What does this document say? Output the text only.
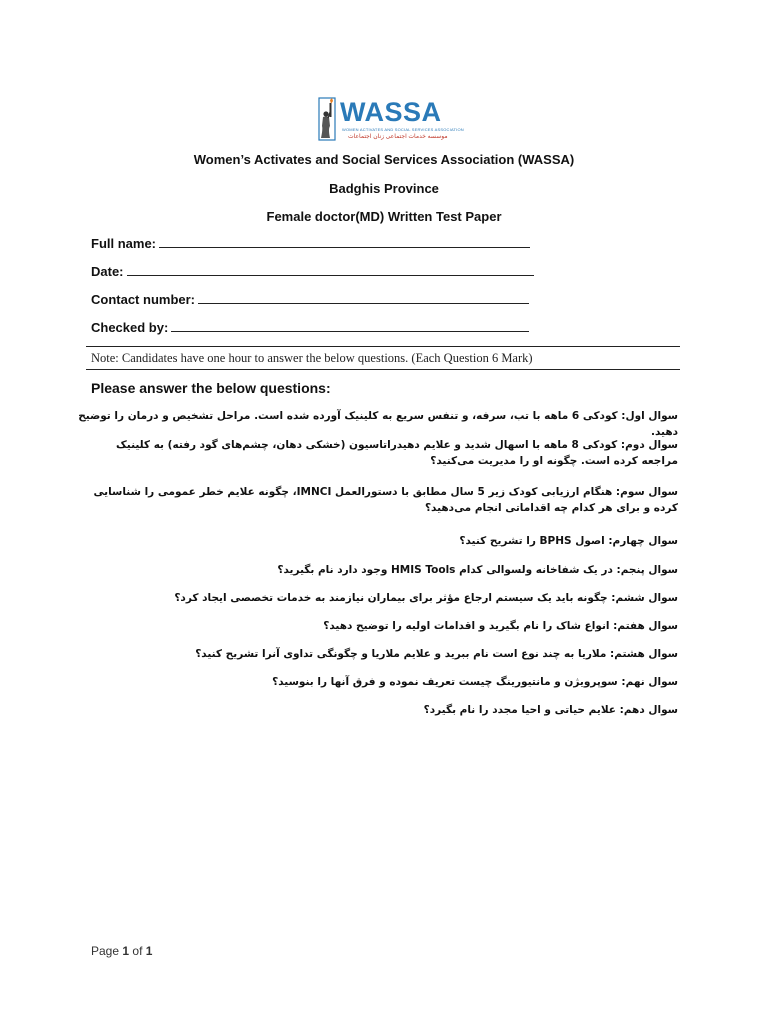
WASSA
WOMEN ACTIVATES AND SOCIAL SERVICES ASSOCIATION
موسسه خدمات اجتماعی زنان اجتماعات
Women’s Activates and Social Services Association (WASSA)
Badghis Province
Female doctor(MD) Written Test Paper
Full name:
Date:
Contact number:
Checked by:
Note: Candidates have one hour to answer the below questions. (Each Question 6 Mark)
Please answer the below questions:
سوال اول: کودکی 6 ماهه با تب، سرفه، و تنفس سریع به کلینیک آورده شده است. مراحل تشخیص و درمان را توضیح دهید.
سوال دوم: کودکی 8 ماهه با اسهال شدید و علایم دهیدراتاسیون (خشکی دهان، چشم‌های گود رفته) به کلینیک مراجعه کرده است. چگونه او را مدیریت می‌کنید؟
سوال سوم: هنگام ارزیابی کودک زیر 5 سال مطابق با دستورالعمل IMNCI، چگونه علایم خطر عمومی را شناسایی کرده و برای هر کدام چه اقداماتی انجام می‌دهید؟
سوال چهارم: اصول BPHS را تشریح کنید؟
سوال پنجم: در یک شفاخانه ولسوالی کدام HMIS Tools وجود دارد نام بگیرید؟
سوال ششم: چگونه باید یک سیستم ارجاع مؤثر برای بیماران نیازمند به خدمات تخصصی ایجاد کرد؟
سوال هفتم: انواع شاک را نام بگیرید و اقدامات اولیه را توضیح دهید؟
سوال هشتم: ملاریا به چند نوع است نام ببرید و علایم ملاریا و چگونگی تداوی آنرا تشریح کنید؟
سوال نهم: سوپرویژن و مانتیورینگ چیست تعریف نموده و فرق آنها را بنوسید؟
سوال دهم: علایم حیاتی و احیا مجدد را نام بگیرد؟
Page 1 of 1
